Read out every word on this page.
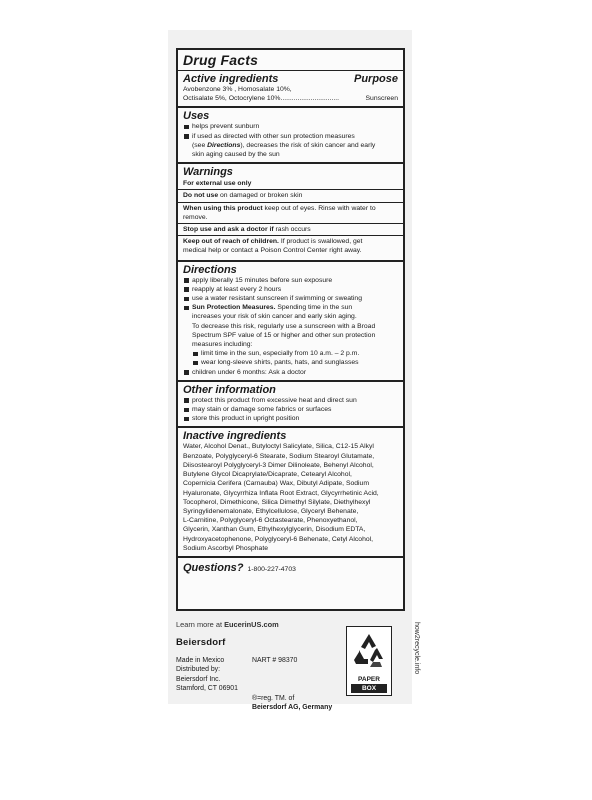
Drug Facts
Active ingredients	Purpose
Avobenzone 3% , Homosalate 10%,
Octisalate 5%, Octocrylene 10%...............................	Sunscreen
Uses
helps prevent sunburn
if used as directed with other sun protection measures
(see Directions), decreases the risk of skin cancer and early
skin aging caused by the sun
Warnings
For external use only
Do not use on damaged or broken skin
When using this product keep out of eyes. Rinse with water to remove.
Stop use and ask a doctor if rash occurs
Keep out of reach of children. If product is swallowed, get
medical help or contact a Poison Control Center right away.
Directions
apply liberally 15 minutes before sun exposure
reapply at least every 2 hours
use a water resistant sunscreen if swimming or sweating
Sun Protection Measures. Spending time in the sun
increases your risk of skin cancer and early skin aging.
To decrease this risk, regularly use a sunscreen with a Broad
Spectrum SPF value of 15 or higher and other sun protection
measures including:
limit time in the sun, especially from 10 a.m. – 2 p.m.
wear long-sleeve shirts, pants, hats, and sunglasses
children under 6 months: Ask a doctor
Other information
protect this product from excessive heat and direct sun
may stain or damage some fabrics or surfaces
store this product in upright position
Inactive ingredients
Water, Alcohol Denat., Butyloctyl Salicylate, Silica, C12-15 Alkyl
Benzoate, Polyglyceryl-6 Stearate, Sodium Stearoyl Glutamate,
Diisostearoyl Polyglyceryl-3 Dimer Dilinoleate, Behenyl Alcohol,
Butylene Glycol Dicaprylate/Dicaprate, Cetearyl Alcohol,
Copernicia Cerifera (Carnauba) Wax, Dibutyl Adipate, Sodium
Hyaluronate, Glycyrrhiza Inflata Root Extract, Glycyrrhetinic Acid,
Tocopherol, Dimethicone, Silica Dimethyl Silylate, Diethylhexyl
Syringylidenemalonate, Ethylcellulose, Glyceryl Behenate,
L-Carnitine, Polyglyceryl-6 Octastearate, Phenoxyethanol,
Glycerin, Xanthan Gum, Ethylhexylglycerin, Disodium EDTA,
Hydroxyacetophenone, Polyglyceryl-6 Behenate, Cetyl Alcohol,
Sodium Ascorbyl Phosphate
Questions? 1-800-227-4703
Learn more at EucerinUS.com
Beiersdorf
Made in Mexico
Distributed by:
Beiersdorf Inc.
Stamford, CT 06901
NART # 98370
®=reg. TM. of
Beiersdorf AG, Germany
PAPER
BOX
how2recycle.info
